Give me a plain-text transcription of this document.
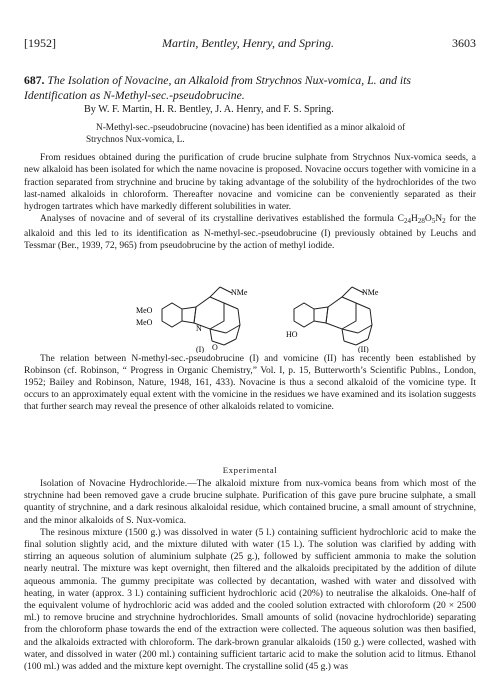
[1952]	Martin, Bentley, Henry, and Spring.	3603
687. The Isolation of Novacine, an Alkaloid from Strychnos Nux-vomica, L. and its Identification as N-Methyl-sec.-pseudobrucine.
By W. F. Martin, H. R. Bentley, J. A. Henry, and F. S. Spring.
N-Methyl-sec.-pseudobrucine (novacine) has been identified as a minor alkaloid of Strychnos Nux-vomica, L.

From residues obtained during the purification of crude brucine sulphate from Strychnos Nux-vomica seeds, a new alkaloid has been isolated for which the name novacine is proposed. Novacine occurs together with vomicine in a fraction separated from strychnine and brucine by taking advantage of the solubility of the hydrochlorides of the two last-named alkaloids in chloroform. Thereafter novacine and vomicine can be conveniently separated as their hydrogen tartrates which have markedly different solubilities in water.

Analyses of novacine and of several of its crystalline derivatives established the formula $C_{24}H_{28}O_5N_2$ for the alkaloid and this led to its identification as N-methyl-sec.-pseudobrucine (I) previously obtained by Leuchs and Tessmar (Ber., 1939, 72, 965) from pseudobrucine by the action of methyl iodide.

MeO
MeO
NMe
N
O
(I)
NMe
HO
(II)

The relation between N-methyl-sec.-pseudobrucine (I) and vomicine (II) has recently been established by Robinson (cf. Robinson, “ Progress in Organic Chemistry,” Vol. I, p. 15, Butterworth’s Scientific Publns., London, 1952; Bailey and Robinson, Nature, 1948, 161, 433). Novacine is thus a second alkaloid of the vomicine type. It occurs to an approximately equal extent with the vomicine in the residues we have examined and its isolation suggests that further search may reveal the presence of other alkaloids related to vomicine.

Experimental

Isolation of Novacine Hydrochloride.—The alkaloid mixture from nux-vomica beans from which most of the strychnine had been removed gave a crude brucine sulphate. Purification of this gave pure brucine sulphate, a small quantity of strychnine, and a dark resinous alkaloidal residue, which contained brucine, a small amount of strychnine, and the minor alkaloids of S. Nux-vomica.

The resinous mixture (1500 g.) was dissolved in water (5 l.) containing sufficient hydrochloric acid to make the final solution slightly acid, and the mixture diluted with water (15 l.). The solution was clarified by adding with stirring an aqueous solution of aluminium sulphate (25 g.), followed by sufficient ammonia to make the solution nearly neutral. The mixture was kept overnight, then filtered and the alkaloids precipitated by the addition of dilute aqueous ammonia. The gummy precipitate was collected by decantation, washed with water and dissolved with heating, in water (approx. 3 l.) containing sufficient hydrochloric acid (20%) to neutralise the alkaloids. One-half of the equivalent volume of hydrochloric acid was added and the cooled solution extracted with chloroform (20 × 2500 ml.) to remove brucine and strychnine hydrochlorides. Small amounts of solid (novacine hydrochloride) separating from the chloroform phase towards the end of the extraction were collected. The aqueous solution was then basified, and the alkaloids extracted with chloroform. The dark-brown granular alkaloids (150 g.) were collected, washed with water, and dissolved in water (200 ml.) containing sufficient tartaric acid to make the solution acid to litmus. Ethanol (100 ml.) was added and the mixture kept overnight. The crystalline solid (45 g.) was
